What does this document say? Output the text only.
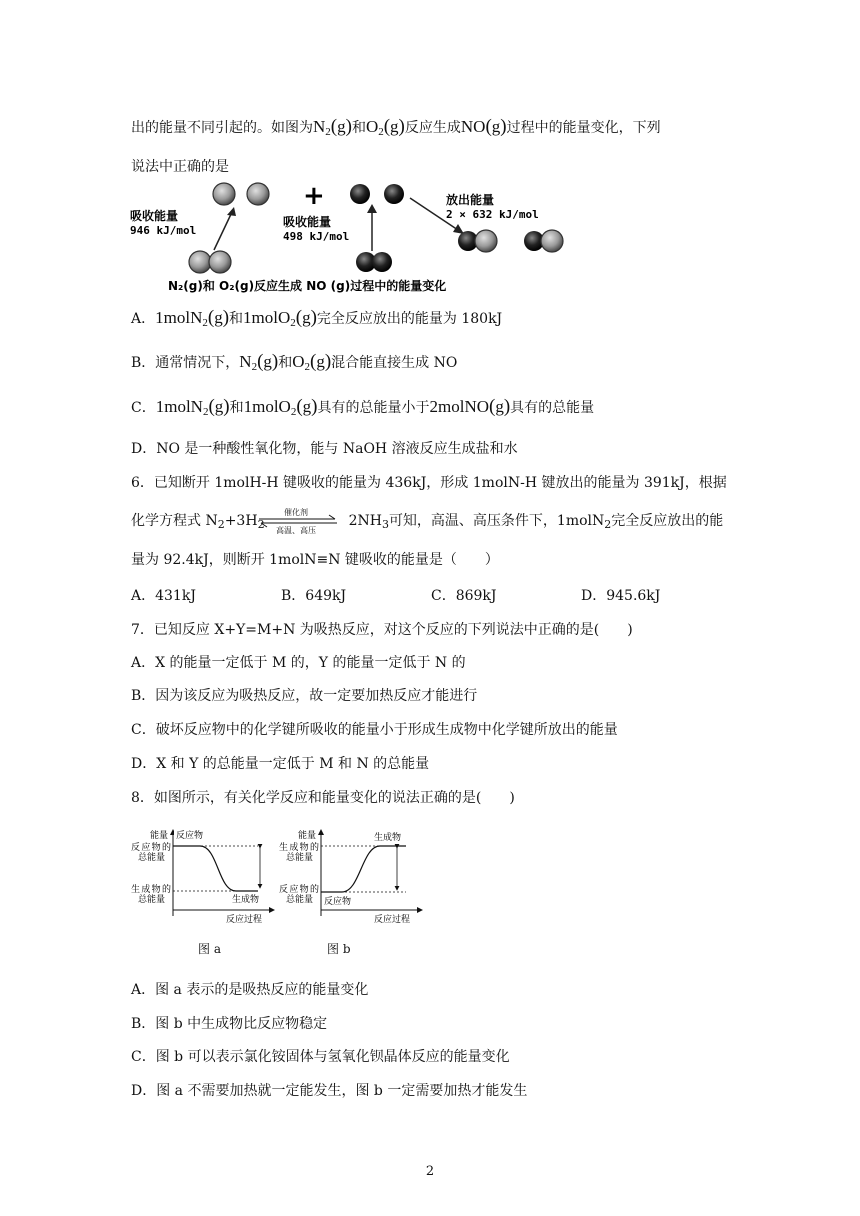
出的能量不同引起的。如图为$N_2(g)$和$O_2(g)$反应生成NO(g)过程中的能量变化，下列
说法中正确的是
+
吸收能量
946 kJ/mol
吸收能量
498 kJ/mol
放出能量
2 × 632 kJ/mol
N₂(g)和 O₂(g)反应生成 NO (g)过程中的能量变化
A．1molN$_2$(g)和1molO$_2$(g)完全反应放出的能量为 180kJ
B．通常情况下，$N_2(g)$和$O_2(g)$混合能直接生成 NO
C．1molN$_2$(g)和1molO$_2$(g)具有的总能量小于2molNO(g)具有的总能量
D．NO 是一种酸性氧化物，能与 NaOH 溶液反应生成盐和水
6．已知断开 1molH-H 键吸收的能量为 436kJ，形成 1molN-H 键放出的能量为 391kJ，根据
化学方程式 $N_2+3H_2$	$2NH_3$可知，高温、高压条件下，1molN$_2$完全反应放出的能
催化剂
高温、高压
量为 92.4kJ，则断开 1molN≡N 键吸收的能量是（　　）
A．431kJ	B．649kJ	C．869kJ	D．945.6kJ
7．已知反应 X+Y=M+N 为吸热反应，对这个反应的下列说法中正确的是(　　)
A．X 的能量一定低于 M 的，Y 的能量一定低于 N 的
B．因为该反应为吸热反应，故一定要加热反应才能进行
C．破坏反应物中的化学键所吸收的能量小于形成生成物中化学键所放出的能量
D．X 和 Y 的总能量一定低于 M 和 N 的总能量
8．如图所示，有关化学反应和能量变化的说法正确的是(　　)
反应物
能量
反应物的
总能量
生成物的
总能量	生成物
反应过程
能量
生成物的
总能量
反应物的
总能量
生成物
反应物
反应过程
图 a	图 b
A．图 a 表示的是吸热反应的能量变化
B．图 b 中生成物比反应物稳定
C．图 b 可以表示氯化铵固体与氢氧化钡晶体反应的能量变化
D．图 a 不需要加热就一定能发生，图 b 一定需要加热才能发生
2
